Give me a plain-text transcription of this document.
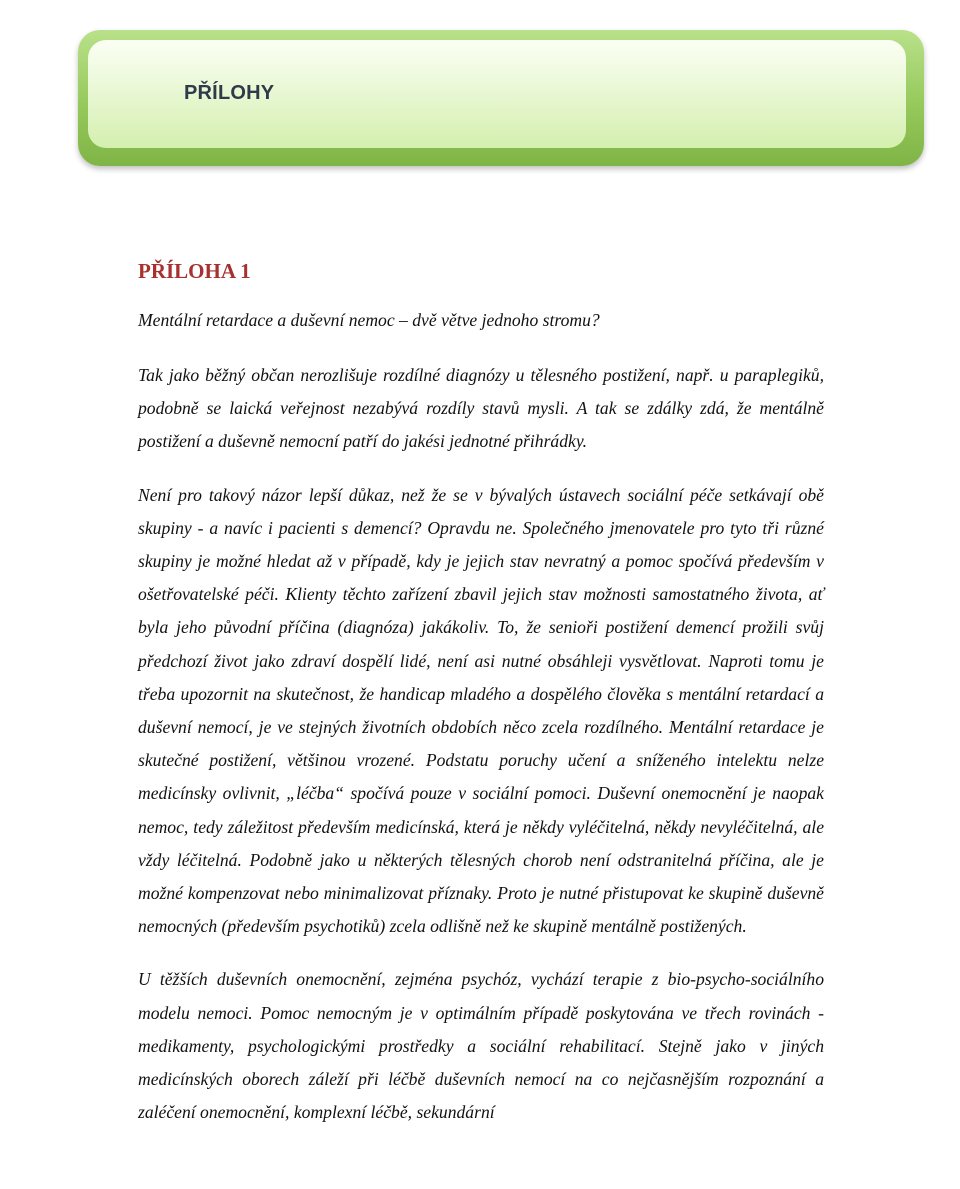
PŘÍLOHY
PŘÍLOHA 1

Mentální retardace a duševní nemoc – dvě větve jednoho stromu?

Tak jako běžný občan nerozlišuje rozdílné diagnózy u tělesného postižení, např. u paraplegiků, podobně se laická veřejnost nezabývá rozdíly stavů mysli. A tak se zdálky zdá, že mentálně postižení a duševně nemocní patří do jakési jednotné přihrádky.

Není pro takový názor lepší důkaz, než že se v bývalých ústavech sociální péče setkávají obě skupiny - a navíc i pacienti s demencí? Opravdu ne. Společného jmenovatele pro tyto tři různé skupiny je možné hledat až v případě, kdy je jejich stav nevratný a pomoc spočívá především v ošetřovatelské péči. Klienty těchto zařízení zbavil jejich stav možnosti samostatného života, ať byla jeho původní příčina (diagnóza) jakákoliv. To, že senioři postižení demencí prožili svůj předchozí život jako zdraví dospělí lidé, není asi nutné obsáhleji vysvětlovat. Naproti tomu je třeba upozornit na skutečnost, že handicap mladého a dospělého člověka s mentální retardací a duševní nemocí, je ve stejných životních obdobích něco zcela rozdílného. Mentální retardace je skutečné postižení, většinou vrozené. Podstatu poruchy učení a sníženého intelektu nelze medicínsky ovlivnit, „léčba“ spočívá pouze v sociální pomoci. Duševní onemocnění je naopak nemoc, tedy záležitost především medicínská, která je někdy vyléčitelná, někdy nevyléčitelná, ale vždy léčitelná. Podobně jako u některých tělesných chorob není odstranitelná příčina, ale je možné kompenzovat nebo minimalizovat příznaky. Proto je nutné přistupovat ke skupině duševně nemocných (především psychotiků) zcela odlišně než ke skupině mentálně postižených.

U těžších duševních onemocnění, zejména psychóz, vychází terapie z bio-psycho-sociálního modelu nemoci. Pomoc nemocným je v optimálním případě poskytována ve třech rovinách - medikamenty, psychologickými prostředky a sociální rehabilitací. Stejně jako v jiných medicínských oborech záleží při léčbě duševních nemocí na co nejčasnějším rozpoznání a zaléčení onemocnění, komplexní léčbě, sekundární
